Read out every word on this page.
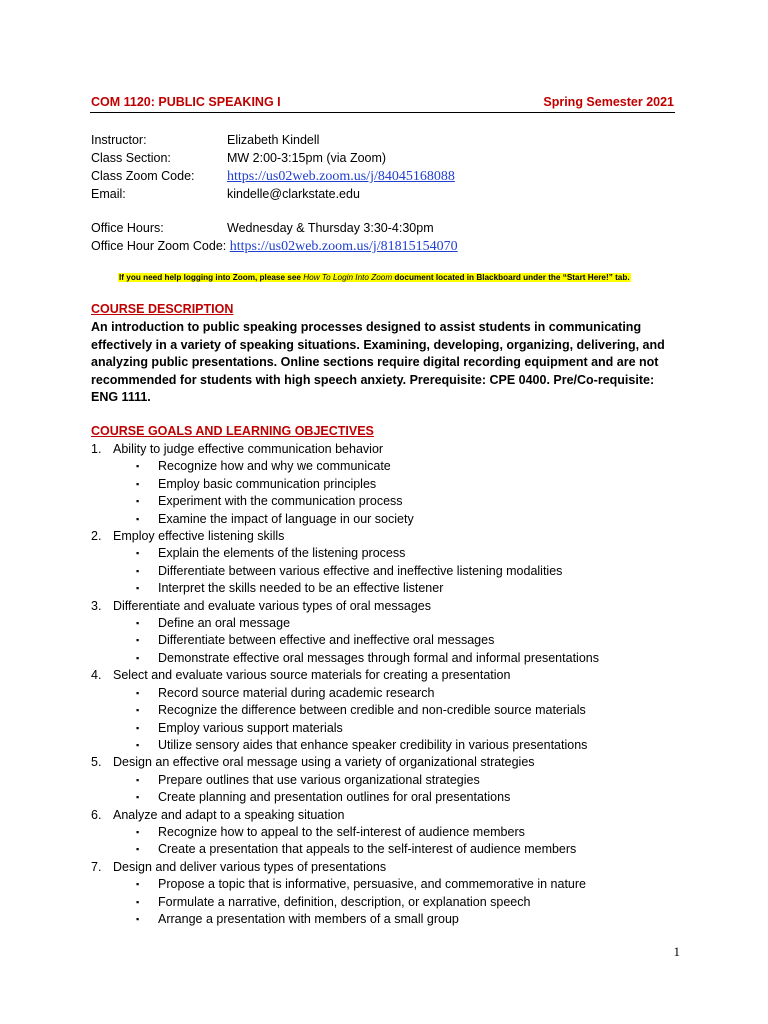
COM 1120: PUBLIC SPEAKING I	Spring Semester 2021
Instructor:	Elizabeth Kindell
Class Section:	MW 2:00-3:15pm (via Zoom)
Class Zoom Code: https://us02web.zoom.us/j/84045168088
Email:	kindelle@clarkstate.edu
Office Hours:	Wednesday & Thursday 3:30-4:30pm
Office Hour Zoom Code: https://us02web.zoom.us/j/81815154070
If you need help logging into Zoom, please see How To Login Into Zoom document located in Blackboard under the “Start Here!” tab.
COURSE DESCRIPTION
An introduction to public speaking processes designed to assist students in communicating effectively in a variety of speaking situations. Examining, developing, organizing, delivering, and analyzing public presentations. Online sections require digital recording equipment and are not recommended for students with high speech anxiety. Prerequisite: CPE 0400. Pre/Co-requisite: ENG 1111.
COURSE GOALS AND LEARNING OBJECTIVES
1. Ability to judge effective communication behavior
▪ Recognize how and why we communicate
▪ Employ basic communication principles
▪ Experiment with the communication process
▪ Examine the impact of language in our society
2. Employ effective listening skills
▪ Explain the elements of the listening process
▪ Differentiate between various effective and ineffective listening modalities
▪ Interpret the skills needed to be an effective listener
3. Differentiate and evaluate various types of oral messages
▪ Define an oral message
▪ Differentiate between effective and ineffective oral messages
▪ Demonstrate effective oral messages through formal and informal presentations
4. Select and evaluate various source materials for creating a presentation
▪ Record source material during academic research
▪ Recognize the difference between credible and non-credible source materials
▪ Employ various support materials
▪ Utilize sensory aides that enhance speaker credibility in various presentations
5. Design an effective oral message using a variety of organizational strategies
▪ Prepare outlines that use various organizational strategies
▪ Create planning and presentation outlines for oral presentations
6. Analyze and adapt to a speaking situation
▪ Recognize how to appeal to the self-interest of audience members
▪ Create a presentation that appeals to the self-interest of audience members
7. Design and deliver various types of presentations
▪ Propose a topic that is informative, persuasive, and commemorative in nature
▪ Formulate a narrative, definition, description, or explanation speech
▪ Arrange a presentation with members of a small group
1
